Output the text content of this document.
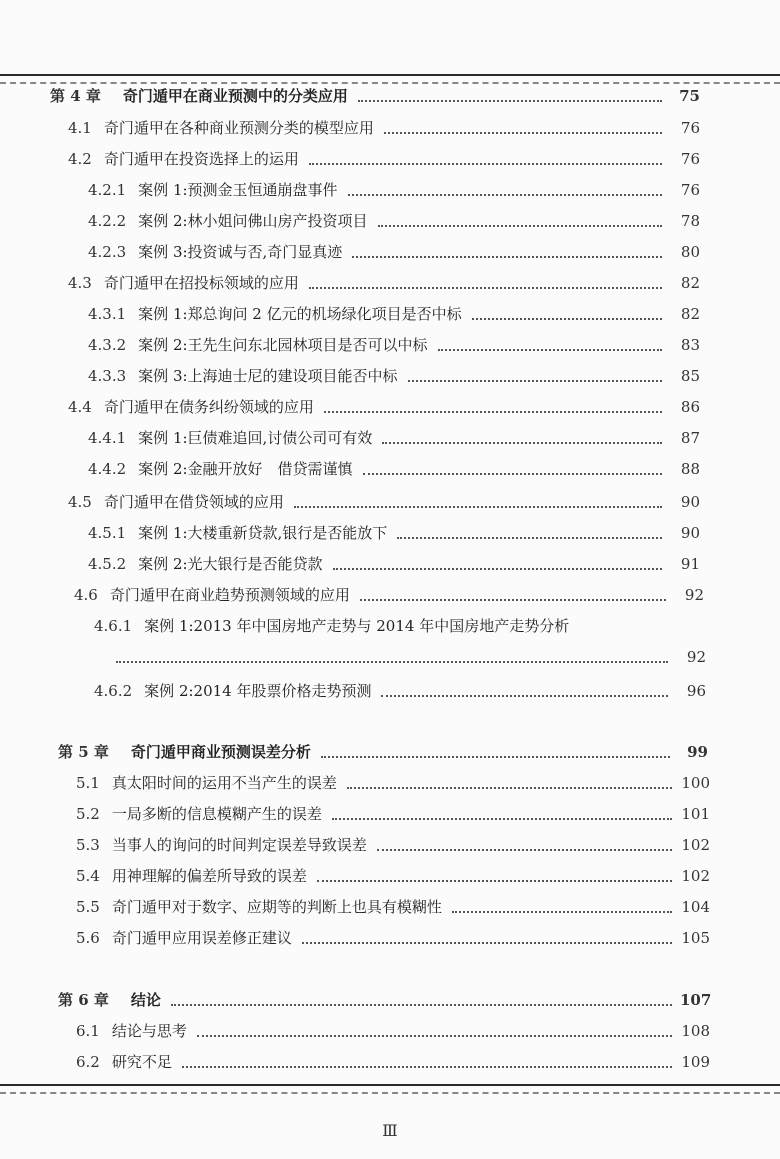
第 4 章 奇门遁甲在商业预测中的分类应用	75
4.1 奇门遁甲在各种商业预测分类的模型应用	76
4.2 奇门遁甲在投资选择上的运用	76
4.2.1 案例 1:预测金玉恒通崩盘事件	76
4.2.2 案例 2:林小姐问佛山房产投资项目	78
4.2.3 案例 3:投资诚与否,奇门显真迹	80
4.3 奇门遁甲在招投标领域的应用	82
4.3.1 案例 1:郑总询问 2 亿元的机场绿化项目是否中标	82
4.3.2 案例 2:王先生问东北园林项目是否可以中标	83
4.3.3 案例 3:上海迪士尼的建设项目能否中标	85
4.4 奇门遁甲在债务纠纷领域的应用	86
4.4.1 案例 1:巨债难追回,讨债公司可有效	87
4.4.2 案例 2:金融开放好　借贷需谨慎	88
4.5 奇门遁甲在借贷领域的应用	90
4.5.1 案例 1:大楼重新贷款,银行是否能放下	90
4.5.2 案例 2:光大银行是否能贷款	91
4.6 奇门遁甲在商业趋势预测领域的应用	92
4.6.1 案例 1:2013 年中国房地产走势与 2014 年中国房地产走势分析
92
4.6.2 案例 2:2014 年股票价格走势预测	96
第 5 章 奇门遁甲商业预测误差分析	99
5.1 真太阳时间的运用不当产生的误差	100
5.2 一局多断的信息模糊产生的误差	101
5.3 当事人的询问的时间判定误差导致误差	102
5.4 用神理解的偏差所导致的误差	102
5.5 奇门遁甲对于数字、应期等的判断上也具有模糊性	104
5.6 奇门遁甲应用误差修正建议	105
第 6 章 结论	107
6.1 结论与思考	108
6.2 研究不足	109
Ⅲ
